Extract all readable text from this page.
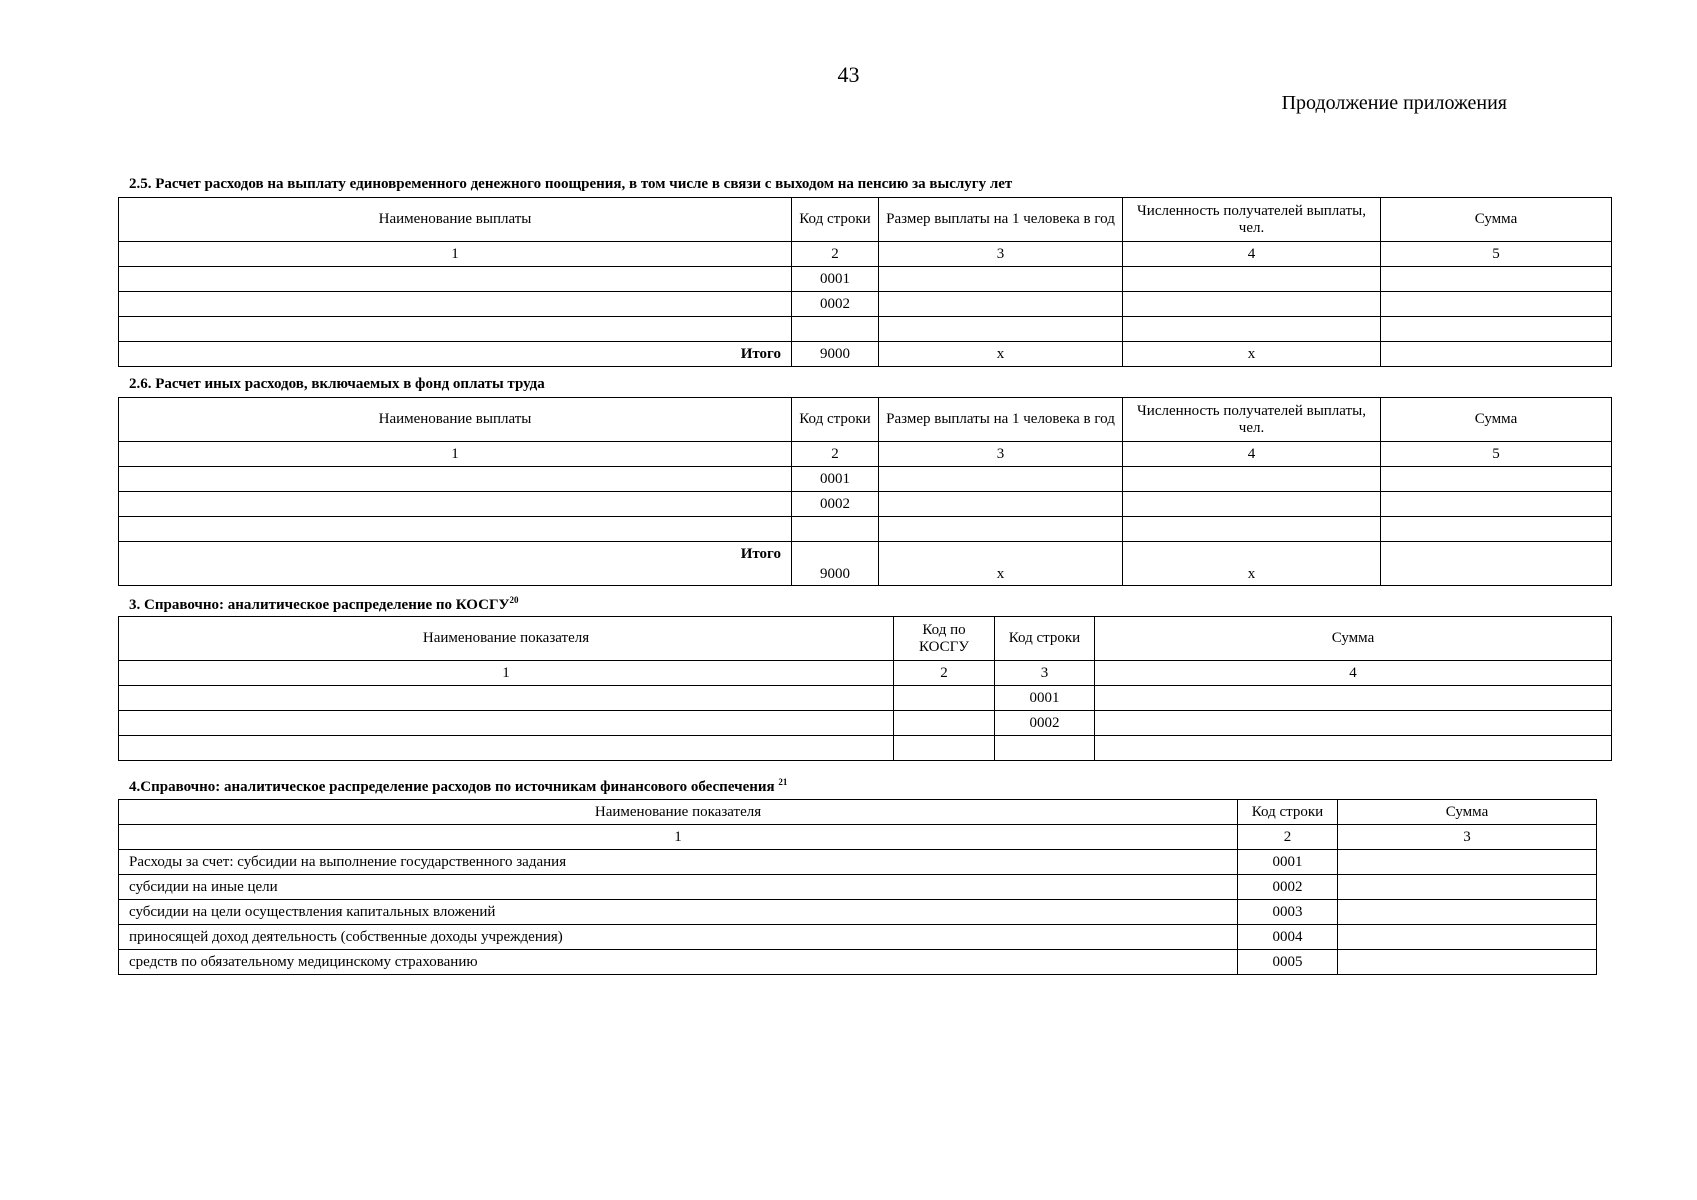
43
Продолжение приложения
2.5. Расчет расходов на выплату единовременного денежного поощрения, в том числе в связи с выходом на пенсию за выслугу лет
Наименование выплаты	Код строки	Размер выплаты на 1 человека в год	Численность получателей выплаты, чел.	Сумма
1	2	3	4	5
	0001			
	0002			

Итого	9000	x	x	
2.6. Расчет иных расходов, включаемых в фонд оплаты труда
Наименование выплаты	Код строки	Размер выплаты на 1 человека в год	Численность получателей выплаты, чел.	Сумма
1	2	3	4	5
	0001			
	0002			

Итого	9000	x	x	
3. Справочно: аналитическое распределение по КОСГУ$^{20}$
Наименование показателя	Код по КОСГУ	Код строки	Сумма
1	2	3	4
		0001	
		0002	

4.Справочно: аналитическое распределение расходов по источникам финансового обеспечения $^{21}$
Наименование показателя	Код строки	Сумма
1	2	3
Расходы за счет: субсидии на выполнение государственного задания	0001	
субсидии на иные цели	0002	
субсидии на цели осуществления капитальных вложений	0003	
приносящей доход деятельность (собственные доходы учреждения)	0004	
средств по обязательному медицинскому страхованию	0005	
